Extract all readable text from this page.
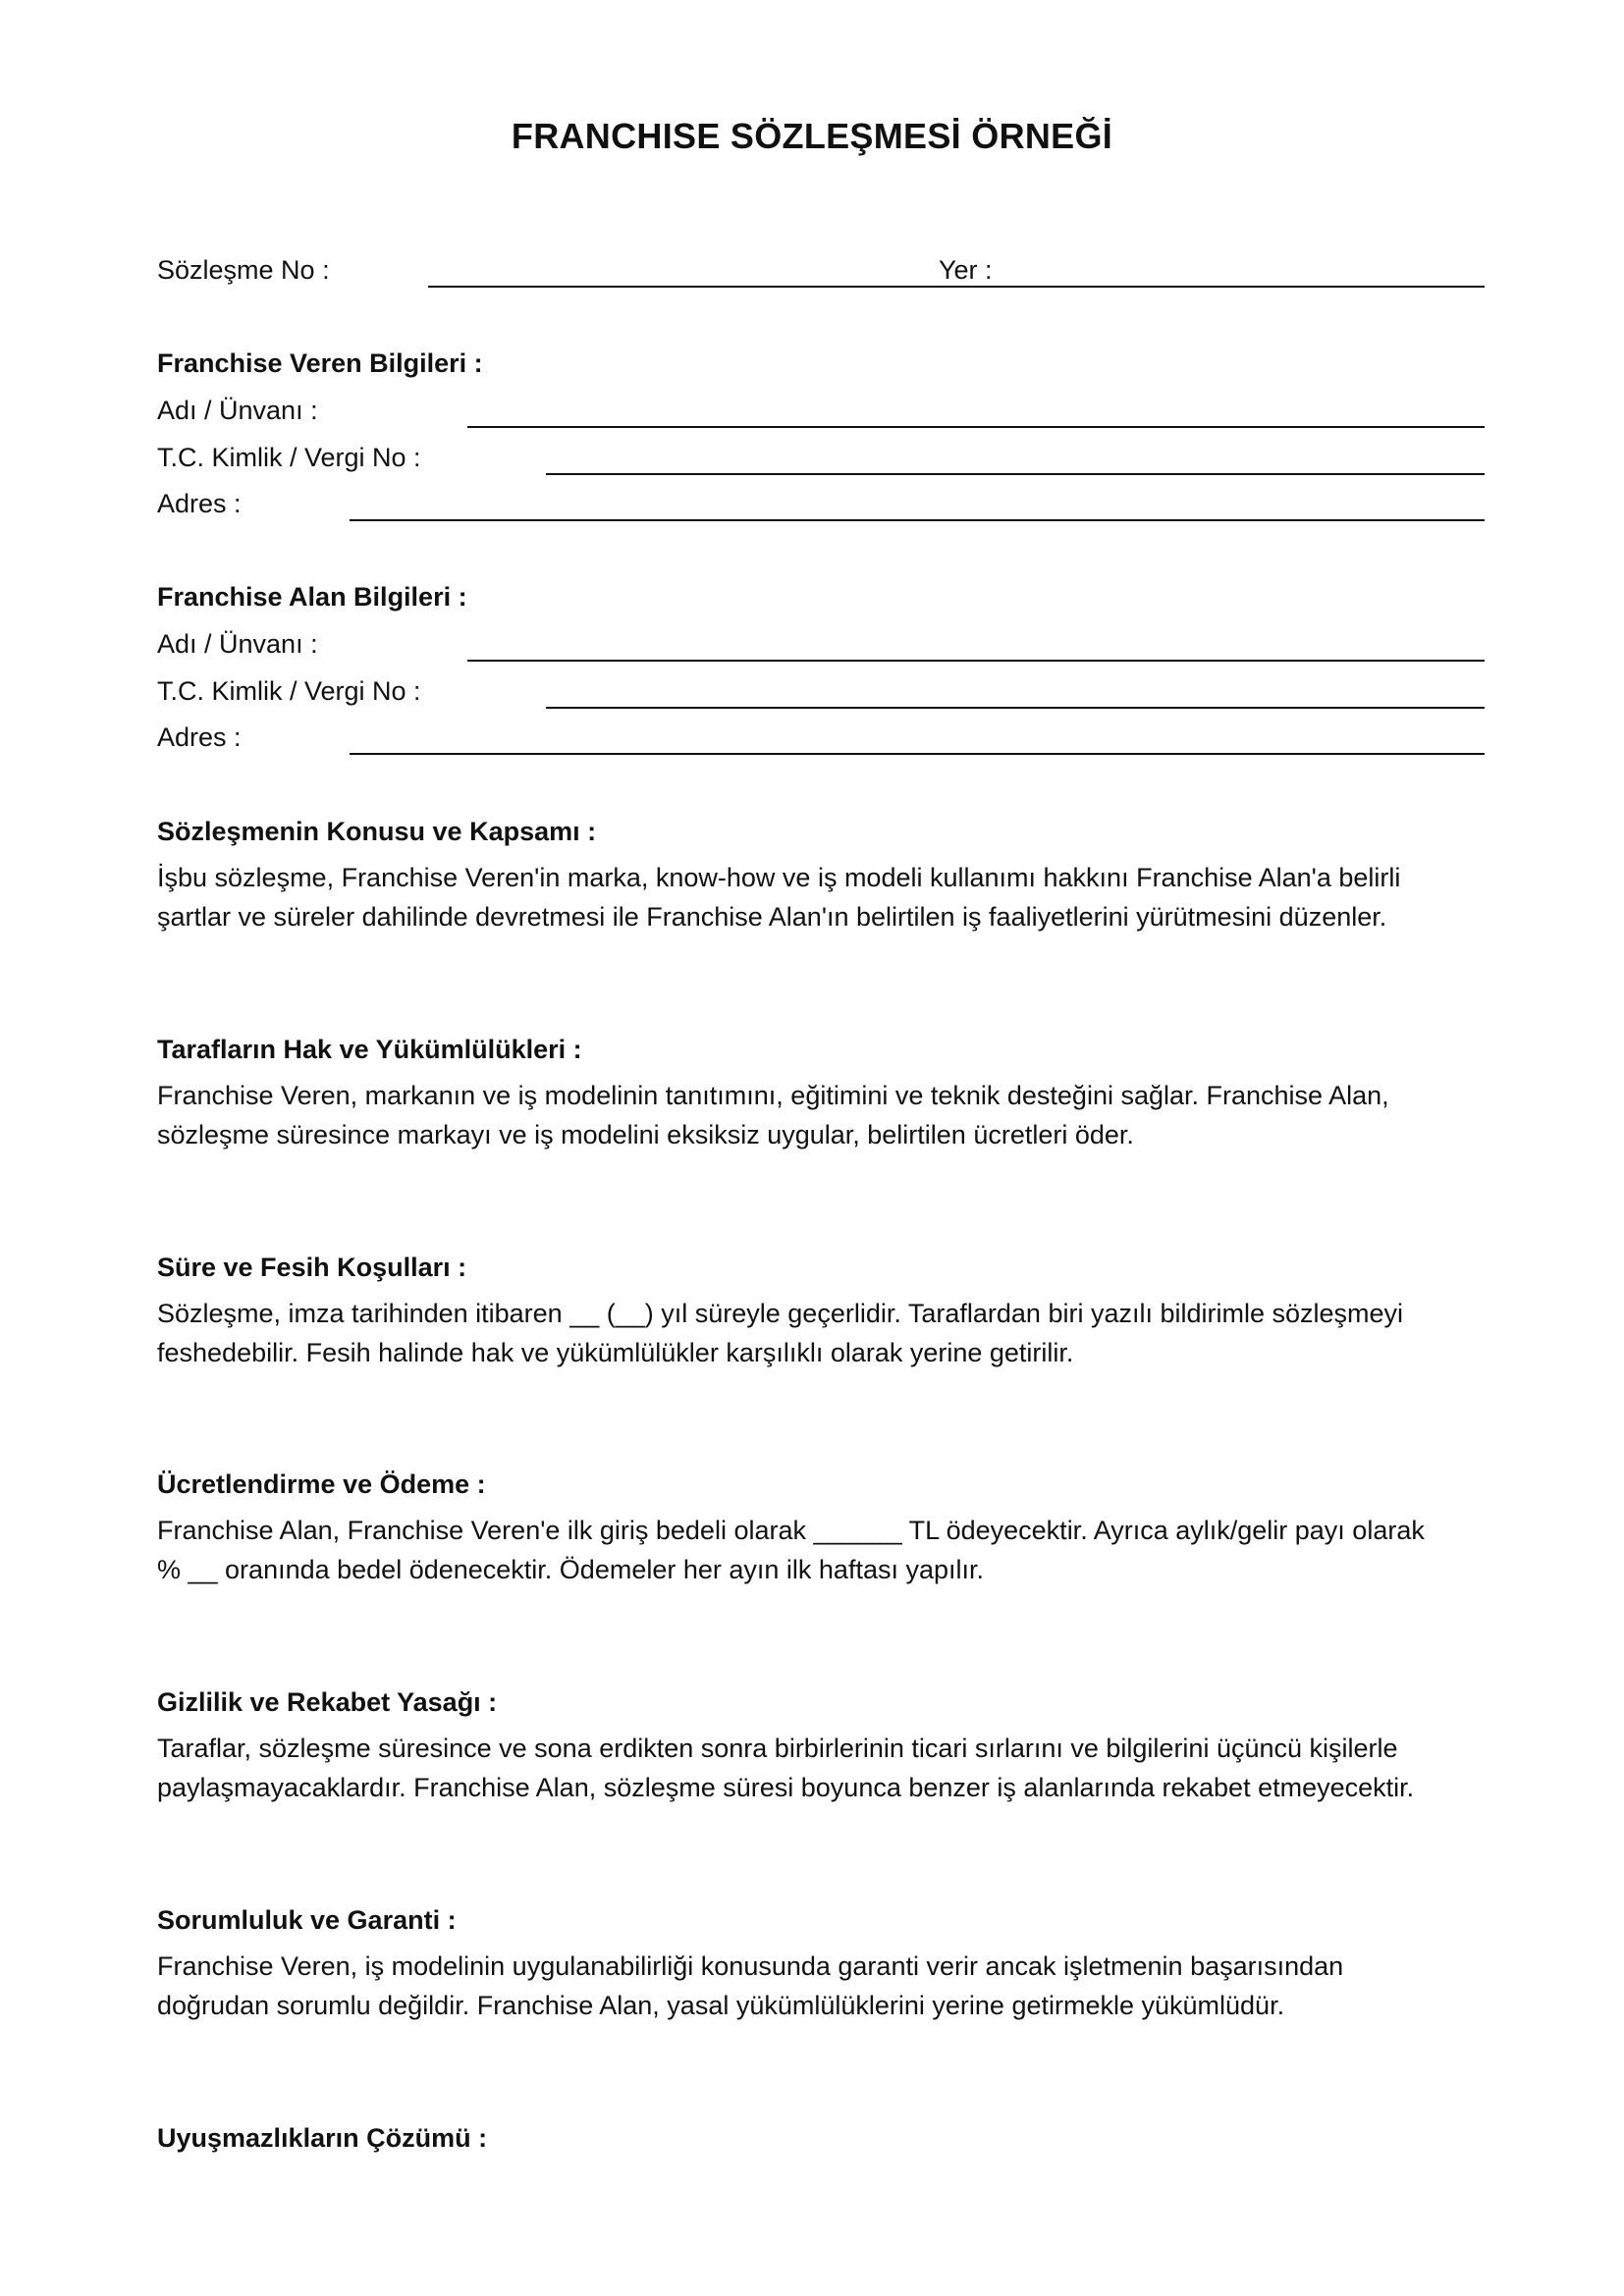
FRANCHISE SÖZLEŞMESİ ÖRNEĞİ
Sözleşme No :	Yer :
Franchise Veren Bilgileri :
Adı / Ünvanı :
T.C. Kimlik / Vergi No :
Adres :
Franchise Alan Bilgileri :
Adı / Ünvanı :
T.C. Kimlik / Vergi No :
Adres :
Sözleşmenin Konusu ve Kapsamı :
İşbu sözleşme, Franchise Veren'in marka, know-how ve iş modeli kullanımı hakkını Franchise Alan'a belirli
şartlar ve süreler dahilinde devretmesi ile Franchise Alan'ın belirtilen iş faaliyetlerini yürütmesini düzenler.
Tarafların Hak ve Yükümlülükleri :
Franchise Veren, markanın ve iş modelinin tanıtımını, eğitimini ve teknik desteğini sağlar. Franchise Alan,
sözleşme süresince markayı ve iş modelini eksiksiz uygular, belirtilen ücretleri öder.
Süre ve Fesih Koşulları :
Sözleşme, imza tarihinden itibaren __ (__) yıl süreyle geçerlidir. Taraflardan biri yazılı bildirimle sözleşmeyi
feshedebilir. Fesih halinde hak ve yükümlülükler karşılıklı olarak yerine getirilir.
Ücretlendirme ve Ödeme :
Franchise Alan, Franchise Veren'e ilk giriş bedeli olarak ______ TL ödeyecektir. Ayrıca aylık/gelir payı olarak
% __ oranında bedel ödenecektir. Ödemeler her ayın ilk haftası yapılır.
Gizlilik ve Rekabet Yasağı :
Taraflar, sözleşme süresince ve sona erdikten sonra birbirlerinin ticari sırlarını ve bilgilerini üçüncü kişilerle
paylaşmayacaklardır. Franchise Alan, sözleşme süresi boyunca benzer iş alanlarında rekabet etmeyecektir.
Sorumluluk ve Garanti :
Franchise Veren, iş modelinin uygulanabilirliği konusunda garanti verir ancak işletmenin başarısından
doğrudan sorumlu değildir. Franchise Alan, yasal yükümlülüklerini yerine getirmekle yükümlüdür.
Uyuşmazlıkların Çözümü :
